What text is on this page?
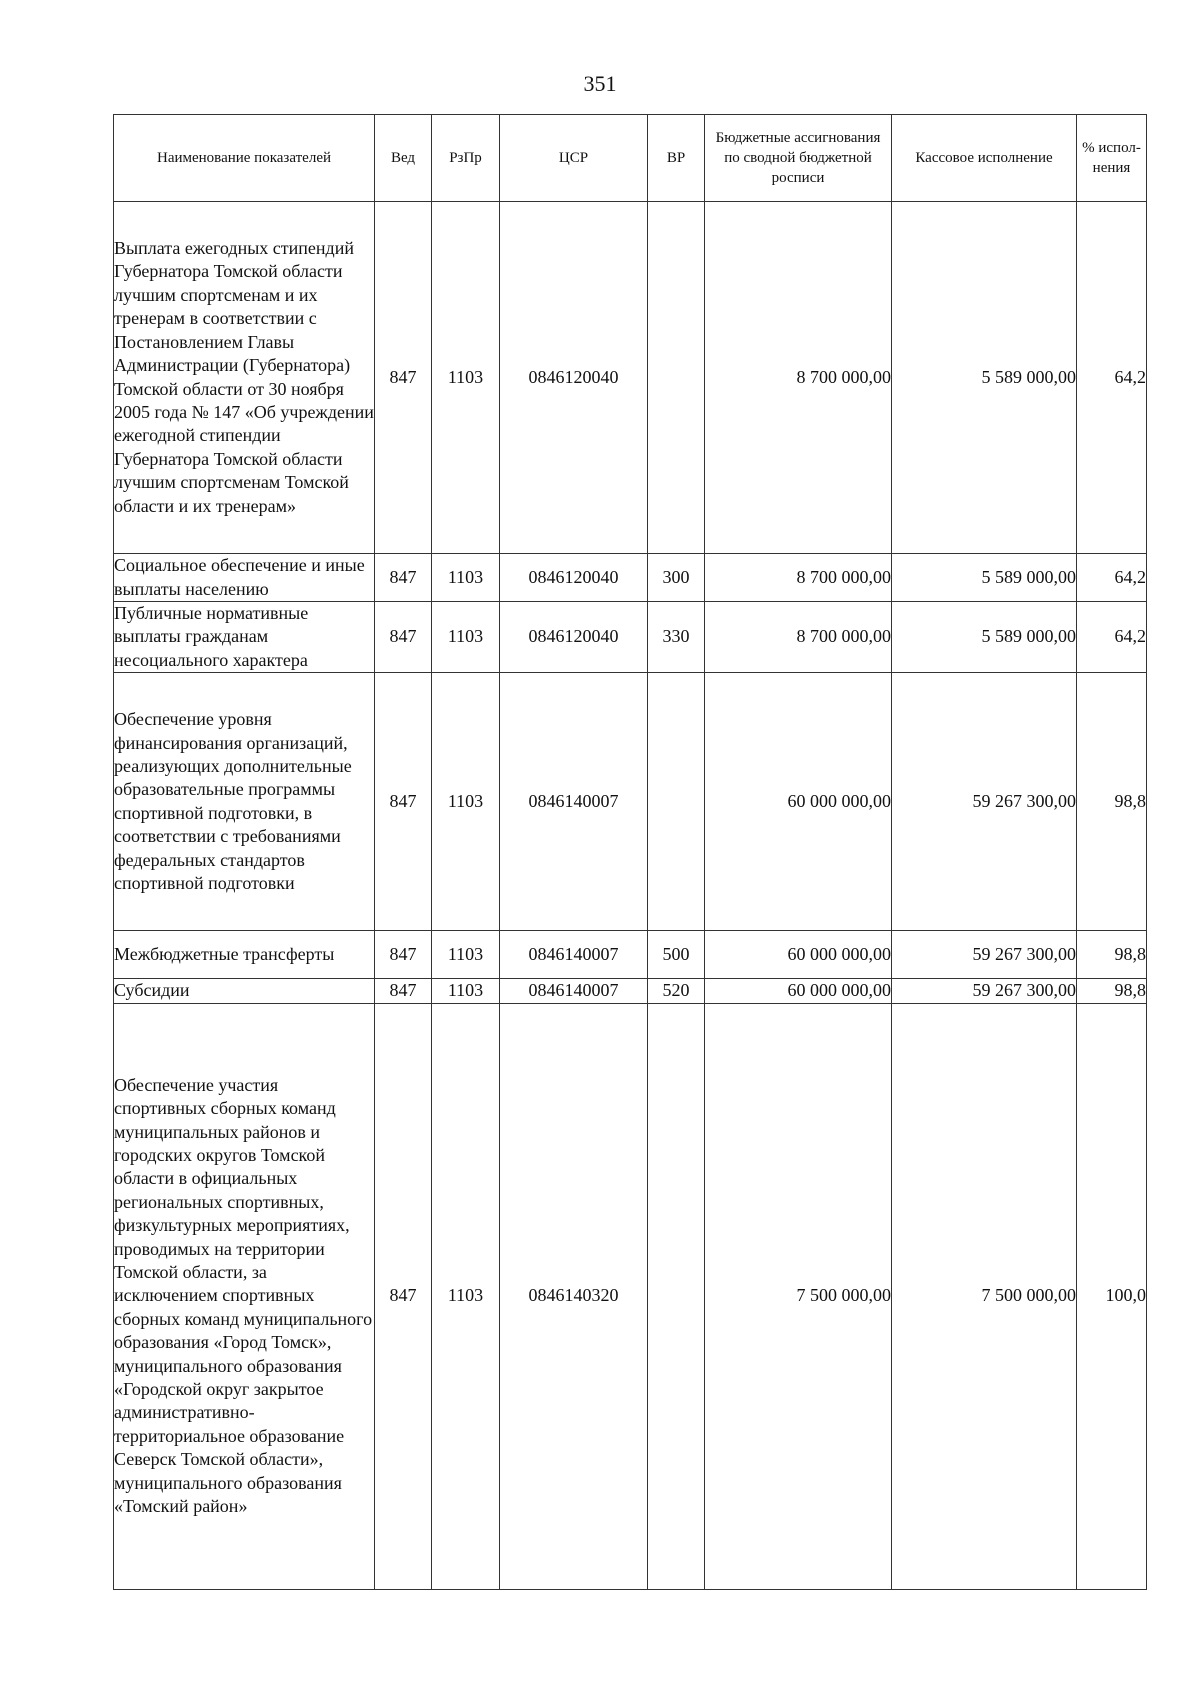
351
Наименование показателей	Вед	РзПр	ЦСР	ВР	Бюджетные ассигнования по сводной бюджетной росписи	Кассовое исполнение	% испол-нения
Выплата ежегодных стипендий Губернатора Томской области лучшим спортсменам и их тренерам в соответствии с Постановлением Главы Администрации (Губернатора) Томской области от 30 ноября 2005 года № 147 «Об учреждении ежегодной стипендии Губернатора Томской области лучшим спортсменам Томской области и их тренерам»	847	1103	0846120040		8 700 000,00	5 589 000,00	64,2
Социальное обеспечение и иные выплаты населению	847	1103	0846120040	300	8 700 000,00	5 589 000,00	64,2
Публичные нормативные выплаты гражданам несоциального характера	847	1103	0846120040	330	8 700 000,00	5 589 000,00	64,2
Обеспечение уровня финансирования организаций, реализующих дополнительные образовательные программы спортивной подготовки, в соответствии с требованиями федеральных стандартов спортивной подготовки	847	1103	0846140007		60 000 000,00	59 267 300,00	98,8
Межбюджетные трансферты	847	1103	0846140007	500	60 000 000,00	59 267 300,00	98,8
Субсидии	847	1103	0846140007	520	60 000 000,00	59 267 300,00	98,8
Обеспечение участия спортивных сборных команд муниципальных районов и городских округов Томской области в официальных региональных спортивных, физкультурных мероприятиях, проводимых на территории Томской области, за исключением спортивных сборных команд муниципального образования «Город Томск», муниципального образования «Городской округ закрытое административно-территориальное образование Северск Томской области», муниципального образования «Томский район»	847	1103	0846140320		7 500 000,00	7 500 000,00	100,0
